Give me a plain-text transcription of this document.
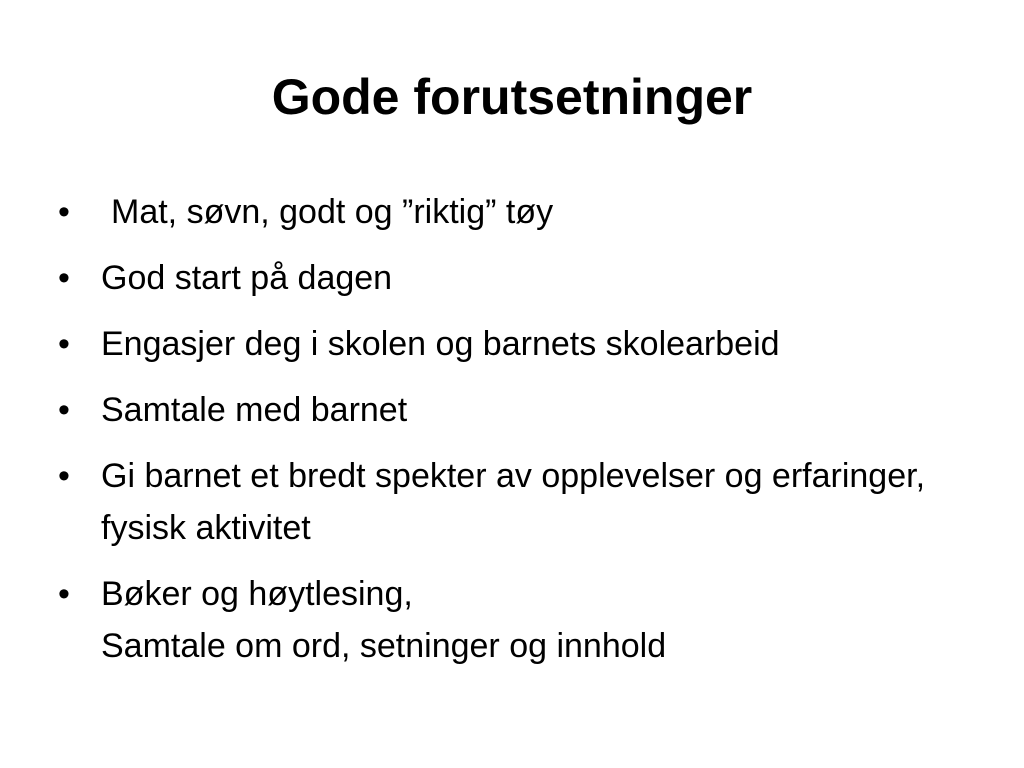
Gode forutsetninger
•	Mat, søvn, godt og ”riktig” tøy
• God start på dagen
• Engasjer deg i skolen og barnets skolearbeid
• Samtale med barnet
• Gi barnet et bredt spekter av opplevelser og erfaringer, fysisk aktivitet
• Bøker og høytlesing,
Samtale om ord, setninger og innhold
